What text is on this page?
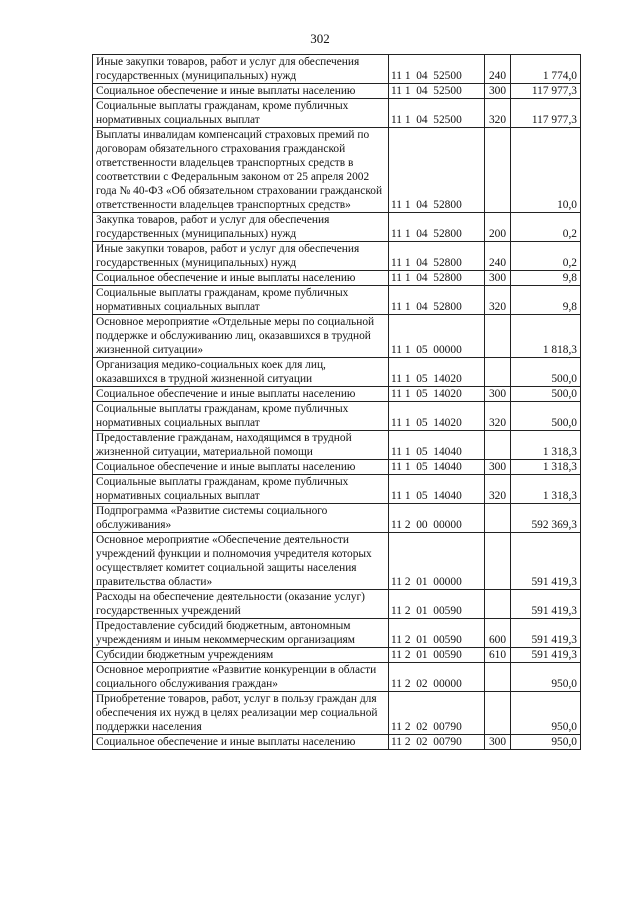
302
Иные закупки товаров, работ и услуг для обеспечения государственных (муниципальных) нужд	11 1  04  52500	240	1 774,0
Социальное обеспечение и иные выплаты населению	11 1  04  52500	300	117 977,3
Социальные выплаты гражданам, кроме публичных нормативных социальных выплат	11 1  04  52500	320	117 977,3
Выплаты инвалидам компенсаций страховых премий по договорам обязательного страхования гражданской ответственности владельцев транспортных средств в соответствии с Федеральным законом от 25 апреля 2002 года № 40-ФЗ «Об обязательном страховании гражданской ответственности владельцев транспортных средств»	11 1  04  52800		10,0
Закупка товаров, работ и услуг для обеспечения государственных (муниципальных) нужд	11 1  04  52800	200	0,2
Иные закупки товаров, работ и услуг для обеспечения государственных (муниципальных) нужд	11 1  04  52800	240	0,2
Социальное обеспечение и иные выплаты населению	11 1  04  52800	300	9,8
Социальные выплаты гражданам, кроме публичных нормативных социальных выплат	11 1  04  52800	320	9,8
Основное мероприятие «Отдельные меры по социальной поддержке и обслуживанию лиц, оказавшихся в трудной жизненной ситуации»	11 1  05  00000		1 818,3
Организация медико-социальных коек для лиц, оказавшихся в трудной жизненной ситуации	11 1  05  14020		500,0
Социальное обеспечение и иные выплаты населению	11 1  05  14020	300	500,0
Социальные выплаты гражданам, кроме публичных нормативных социальных выплат	11 1  05  14020	320	500,0
Предоставление гражданам, находящимся в трудной жизненной ситуации, материальной помощи	11 1  05  14040		1 318,3
Социальное обеспечение и иные выплаты населению	11 1  05  14040	300	1 318,3
Социальные выплаты гражданам, кроме публичных нормативных социальных выплат	11 1  05  14040	320	1 318,3
Подпрограмма «Развитие системы социального обслуживания»	11 2  00  00000		592 369,3
Основное мероприятие «Обеспечение деятельности учреждений функции и полномочия учредителя которых осуществляет комитет социальной защиты населения правительства области»	11 2  01  00000		591 419,3
Расходы на обеспечение деятельности (оказание услуг) государственных учреждений	11 2  01  00590		591 419,3
Предоставление субсидий бюджетным, автономным учреждениям и иным некоммерческим организациям	11 2  01  00590	600	591 419,3
Субсидии бюджетным учреждениям	11 2  01  00590	610	591 419,3
Основное мероприятие «Развитие конкуренции в области социального обслуживания граждан»	11 2  02  00000		950,0
Приобретение товаров, работ, услуг в пользу граждан для обеспечения их нужд в целях реализации мер социальной поддержки населения	11 2  02  00790		950,0
Социальное обеспечение и иные выплаты населению	11 2  02  00790	300	950,0
